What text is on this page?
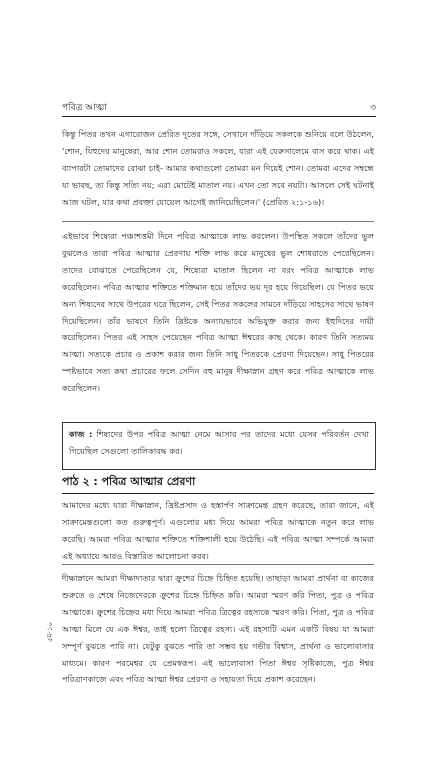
পবিত্র আত্মা	৩

কিন্তু পিতর তখন এগারোজন প্রেরিত দূতের সঙ্গে, সেখানে দাঁড়িয়ে সকলকে শুনিয়ে বলে উঠলেন, 'শোন, যিহুদের মানুষেরা, আর শোন তোমরাও সকলে, যারা এই যেরুসালেমে বাস করে থাক। এই ব্যাপারটা তোমাদের বোঝা চাই- আমার কথাগুলো তোমরা মন দিয়েই শোন। তোমরা এদের সম্বন্ধে যা ভাবছ, তা কিন্তু সত্যি নয়; এরা মোটেই মাতাল নয়। এখন তো সবে নয়টা। আসলে সেই ঘটনাই আজ ঘটল, যার কথা প্রবক্তা যোয়েল আগেই জানিয়েছিলেন।' (প্রেরিত ২:১-১৬)।

এইভাবে শিষ্যেরা পঞ্চাশত্তমী দিনে পবিত্র আত্মাকে লাভ করলেন। উপস্থিত সকলে তাঁদের ভুল বুঝলেও তারা পবিত্র আত্মার প্রেরণায় শক্তি লাভ করে মানুষের ভুল শোধরাতে পেরেছিলেন। তাদের বোঝাতে পেরেছিলেন যে, শিষ্যেরা মাতাল ছিলেন না বরং পবিত্র আত্মাকে লাভ করেছিলেন। পবিত্র আত্মার শক্তিতে শক্তিমান হয়ে তাঁদের ভয় দূর হয়ে গিয়েছিল। যে পিতর ভয়ে অন্য শিষ্যদের সাথে উপরের ঘরে ছিলেন, সেই পিতর সকলের সামনে দাঁড়িয়ে সাহসের সাথে ভাষণ দিয়েছিলেন। তাঁর ভাষণে তিনি খ্রিষ্টকে অন্যায়ভাবে অভিযুক্ত করার জন্য ইহুদিদের দায়ী করেছিলেন। পিতর এই সাহস পেয়েছেন পবিত্র আত্মা ঈশ্বরের কাছ থেকে। কারণ তিনি সত্যময় আত্মা। সত্যকে প্রচার ও প্রকাশ করার জন্য তিনি সাধু পিতরকে প্রেরণা দিয়েছেন। সাধু পিতরের স্পষ্টভাবে সত্য কথা প্রচারের ফলে সেদিন বহু মানুষ দীক্ষাস্নান গ্রহণ করে পবিত্র আত্মাকে লাভ করেছিলেন।

কাজ : শিষ্যদের উপর পবিত্র আত্মা নেমে আসার পর তাদের মধ্যে যেসব পরিবর্তন দেখা গিয়েছিল সেগুলো তালিকাবদ্ধ কর।
পাঠ ২ : পবিত্র আত্মার প্রেরণা

আমাদের মধ্যে যারা দীক্ষাস্নান, খ্রিষ্টপ্রসাদ ও হস্তার্পণ সাক্রামেন্ত গ্রহণ করেছে, তারা জানে, এই সাক্রামেন্তগুলো কত গুরুত্বপূর্ণ। এগুলোর মধ্য দিয়ে আমরা পবিত্র আত্মাকে নতুন করে লাভ করেছি। আমরা পবিত্র আত্মার শক্তিতে শক্তিশালী হয়ে উঠেছি। এই পবিত্র আত্মা সম্পর্কে আমরা এই অধ্যায়ে আরও বিস্তারিত আলোচনা করব।

দীক্ষাস্নানে আমরা দীক্ষাদাতার দ্বারা ক্রুশের চিহ্নে চিহ্নিত হয়েছি। তাছাড়া আমরা প্রার্থনা বা কাজের শুরুতে ও শেষে নিজেদেরকে ক্রুশের চিহ্নে চিহ্নিত করি। আমরা স্মরণ করি পিতা, পুত্র ও পবিত্র আত্মাকে। ক্রুশের চিহ্নের মধ্য দিয়ে আমরা পবিত্র ত্রিত্বের রহস্যকে স্মরণ করি। পিতা, পুত্র ও পবিত্র আত্মা মিলে যে এক ঈশ্বর, তাই হলো ত্রিত্বের রহস্য। এই রহস্যটি এমন একটি বিষয় যা আমরা সম্পূর্ণ বুঝতে পারি না। যেটুকু বুঝতে পারি তা সম্ভব হয় গভীর বিশ্বাস, প্রার্থনা ও ভালোবাসার মাধ্যমে। কারণ পরমেশ্বর যে প্রেমস্বরূপ। এই ভালোবাসা পিতা ঈশ্বর সৃষ্টিকাজে, পুত্র ঈশ্বর পরিত্রাণকাজে এবং পবিত্র আত্মা ঈশ্বর প্রেরণা ও সহায়তা দিয়ে প্রকাশ করেছেন।

৫ম-১০
